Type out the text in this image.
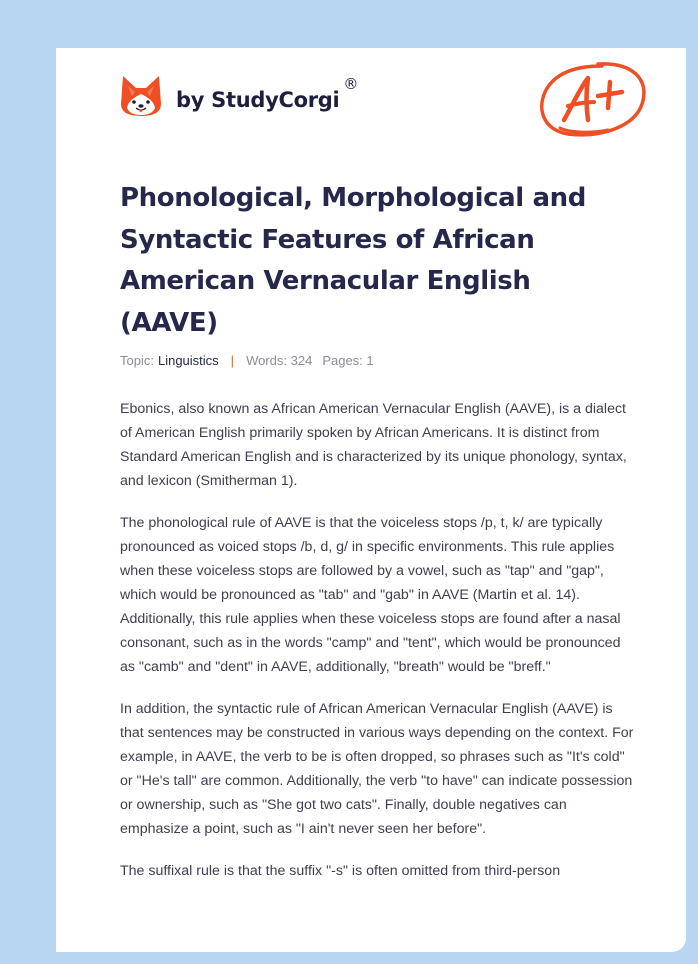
by StudyCorgi
®
Phonological, Morphological and Syntactic Features of African American Vernacular English (AAVE)
Topic: Linguistics | Words: 324 Pages: 1

Ebonics, also known as African American Vernacular English (AAVE), is a dialect of American English primarily spoken by African Americans. It is distinct from Standard American English and is characterized by its unique phonology, syntax, and lexicon (Smitherman 1).

The phonological rule of AAVE is that the voiceless stops /p, t, k/ are typically pronounced as voiced stops /b, d, g/ in specific environments. This rule applies when these voiceless stops are followed by a vowel, such as "tap" and "gap", which would be pronounced as "tab" and "gab" in AAVE (Martin et al. 14). Additionally, this rule applies when these voiceless stops are found after a nasal consonant, such as in the words "camp" and "tent", which would be pronounced as "camb" and "dent" in AAVE, additionally, "breath" would be "breff."

In addition, the syntactic rule of African American Vernacular English (AAVE) is that sentences may be constructed in various ways depending on the context. For example, in AAVE, the verb to be is often dropped, so phrases such as "It's cold" or "He's tall" are common. Additionally, the verb "to have" can indicate possession or ownership, such as "She got two cats". Finally, double negatives can emphasize a point, such as "I ain't never seen her before".

The suffixal rule is that the suffix "-s" is often omitted from third-person
